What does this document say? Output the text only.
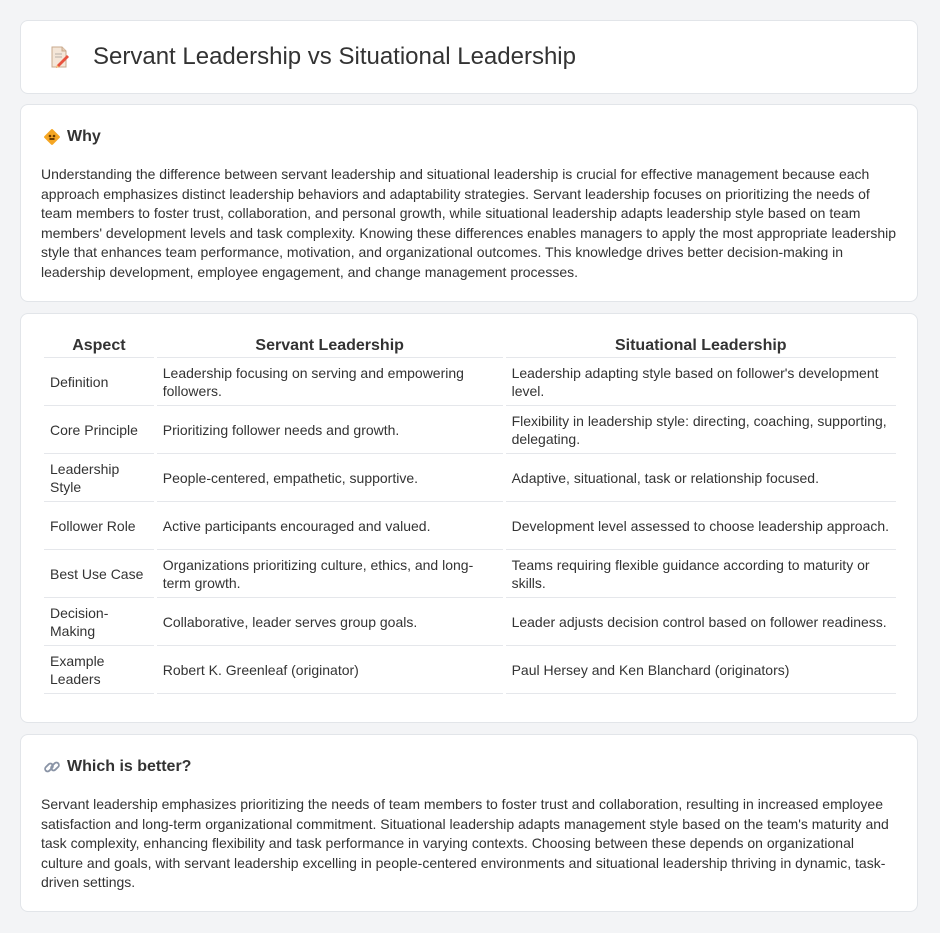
Servant Leadership vs Situational Leadership
Why

Understanding the difference between servant leadership and situational leadership is crucial for effective management because each approach emphasizes distinct leadership behaviors and adaptability strategies. Servant leadership focuses on prioritizing the needs of team members to foster trust, collaboration, and personal growth, while situational leadership adapts leadership style based on team members' development levels and task complexity. Knowing these differences enables managers to apply the most appropriate leadership style that enhances team performance, motivation, and organizational outcomes. This knowledge drives better decision-making in leadership development, employee engagement, and change management processes.

Aspect	Servant Leadership	Situational Leadership
Definition	Leadership focusing on serving and empowering followers.	Leadership adapting style based on follower's development level.
Core Principle	Prioritizing follower needs and growth.	Flexibility in leadership style: directing, coaching, supporting, delegating.
Leadership Style	People-centered, empathetic, supportive.	Adaptive, situational, task or relationship focused.
Follower Role	Active participants encouraged and valued.	Development level assessed to choose leadership approach.
Best Use Case	Organizations prioritizing culture, ethics, and long-term growth.	Teams requiring flexible guidance according to maturity or skills.
Decision-Making	Collaborative, leader serves group goals.	Leader adjusts decision control based on follower readiness.
Example Leaders	Robert K. Greenleaf (originator)	Paul Hersey and Ken Blanchard (originators)
Which is better?

Servant leadership emphasizes prioritizing the needs of team members to foster trust and collaboration, resulting in increased employee satisfaction and long-term organizational commitment. Situational leadership adapts management style based on the team's maturity and task complexity, enhancing flexibility and task performance in varying contexts. Choosing between these depends on organizational culture and goals, with servant leadership excelling in people-centered environments and situational leadership thriving in dynamic, task-driven settings.
